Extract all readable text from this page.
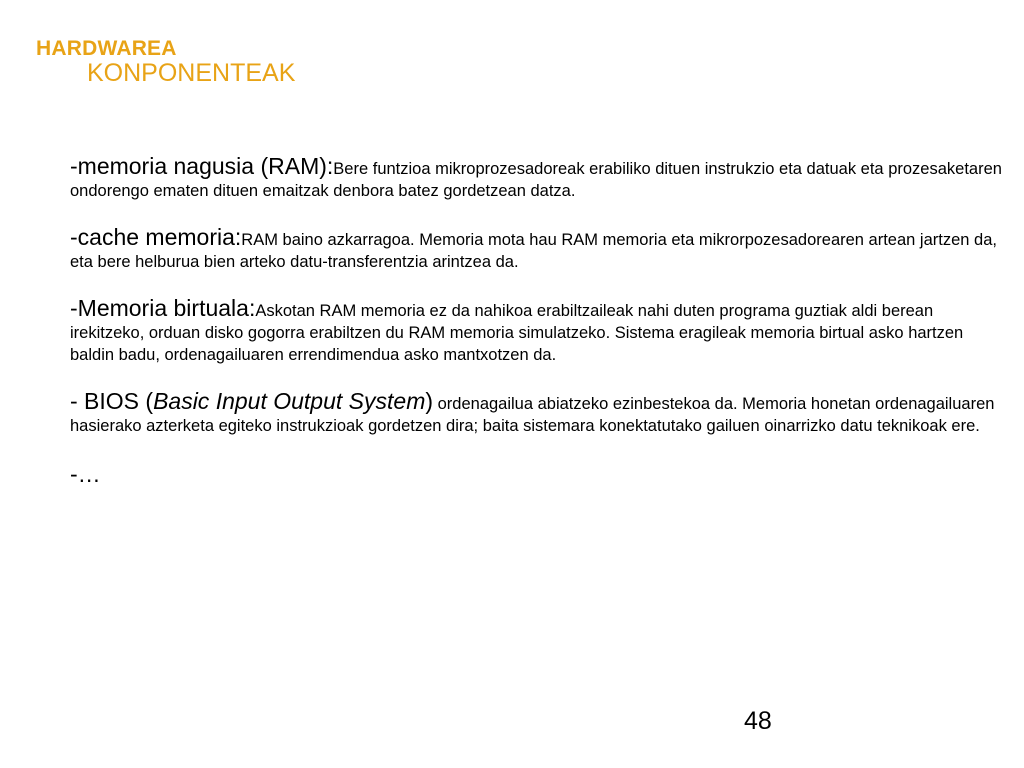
HARDWAREA
KONPONENTEAK

-memoria nagusia (RAM):Bere funtzioa mikroprozesadoreak erabiliko dituen instrukzio eta datuak eta prozesaketaren ondorengo ematen dituen emaitzak denbora batez gordetzean datza.

-cache memoria:RAM baino azkarragoa. Memoria mota hau RAM memoria eta mikrorpozesadorearen artean jartzen da, eta bere helburua bien arteko datu-transferentzia arintzea da.

-Memoria birtuala:Askotan RAM memoria ez da nahikoa erabiltzaileak nahi duten programa guztiak aldi berean irekitzeko, orduan disko gogorra erabiltzen du RAM memoria simulatzeko. Sistema eragileak memoria birtual asko hartzen baldin badu, ordenagailuaren errendimendua asko mantxotzen da.

- BIOS (Basic Input Output System) ordenagailua abiatzeko ezinbestekoa da. Memoria honetan ordenagailuaren hasierako azterketa egiteko instrukzioak gordetzen dira; baita sistemara konektatutako gailuen oinarrizko datu teknikoak ere.

-…

48
